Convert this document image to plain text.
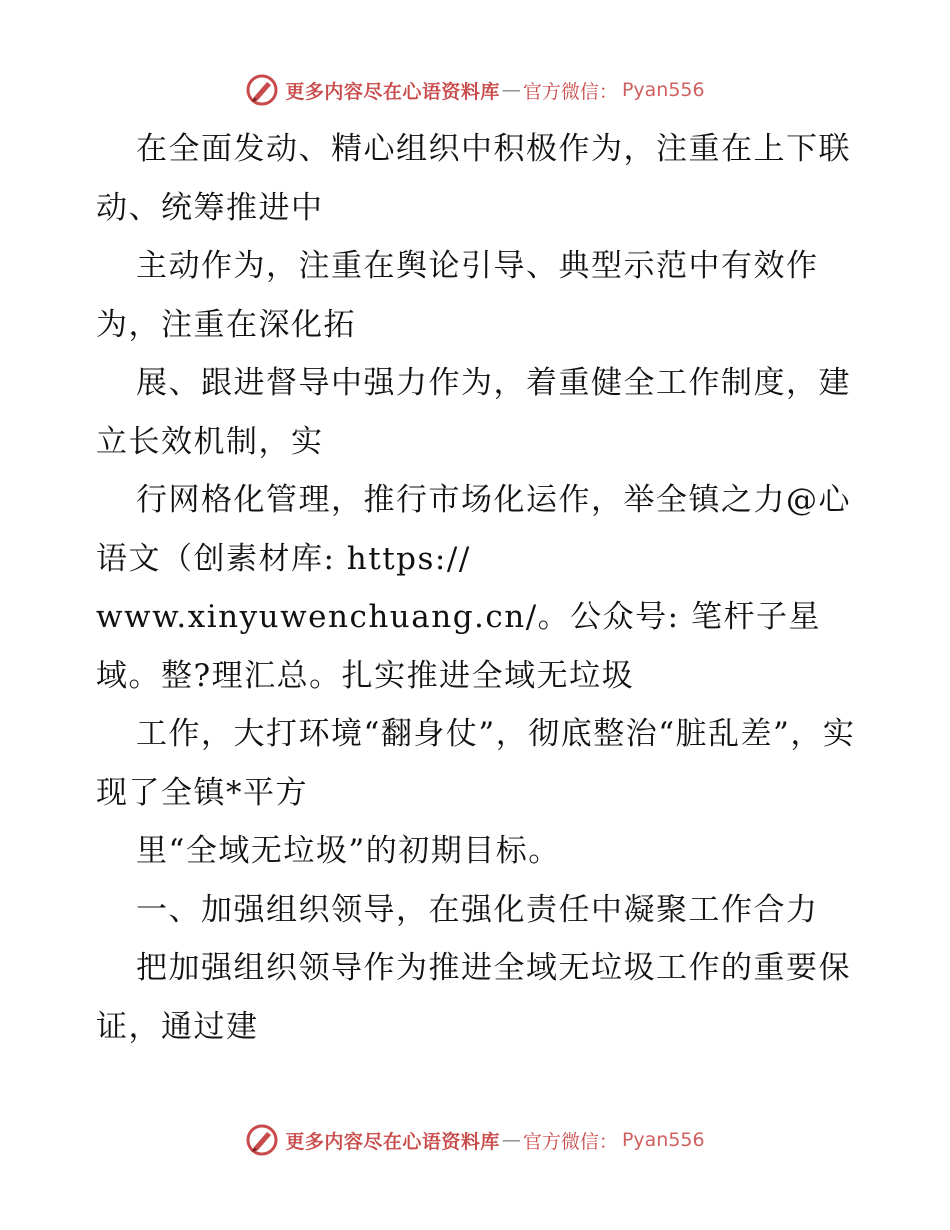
更多内容尽在心语资料库 — 官方微信： Pyan556

在全面发动、精心组织中积极作为，注重在上下联动、统筹推进中

主动作为，注重在舆论引导、典型示范中有效作为，注重在深化拓

展、跟进督导中强力作为，着重健全工作制度，建立长效机制，实

行网格化管理，推行市场化运作，举全镇之力@心语文（创素材库: https://

www.xinyuwenchuang.cn/。公众号: 笔杆子星域。整?理汇总。扎实推进全域无垃圾

工作，大打环境“翻身仗”，彻底整治“脏乱差”，实现了全镇*平方

里“全域无垃圾”的初期目标。

一、加强组织领导，在强化责任中凝聚工作合力

把加强组织领导作为推进全域无垃圾工作的重要保证，通过建

更多内容尽在心语资料库 — 官方微信： Pyan556
